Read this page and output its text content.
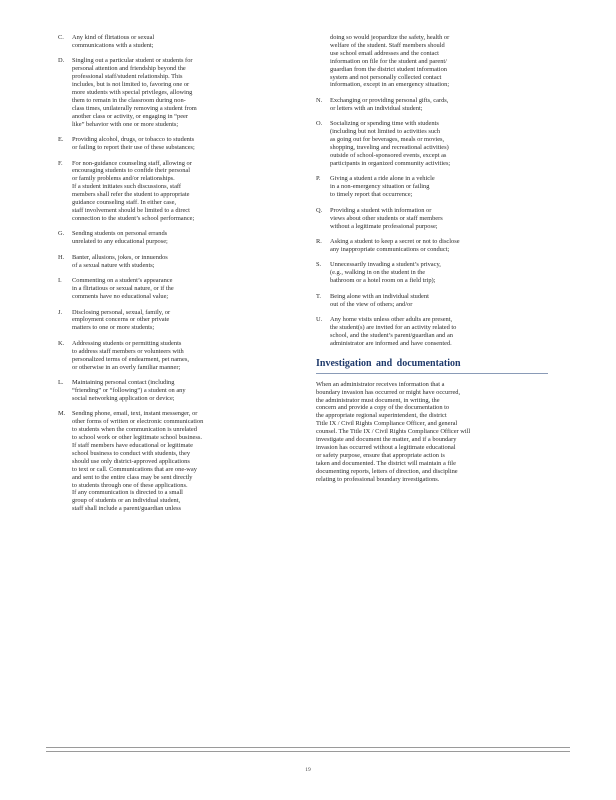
C.	Any kind of flirtatious or sexual
communications with a student;
D.	Singling out a particular student or students for
personal attention and friendship beyond the
professional staff/student relationship. This
includes, but is not limited to, favoring one or
more students with special privileges, allowing
them to remain in the classroom during non-
class times, unilaterally removing a student from
another class or activity, or engaging in “peer
like” behavior with one or more students;
E.	Providing alcohol, drugs, or tobacco to students
or failing to report their use of these substances;
F.	For non-guidance counseling staff, allowing or
encouraging students to confide their personal
or family problems and/or relationships.
If a student initiates such discussions, staff
members shall refer the student to appropriate
guidance counseling staff. In either case,
staff involvement should be limited to a direct
connection to the student’s school performance;
G.	Sending students on personal errands
unrelated to any educational purpose;
H.	Banter, allusions, jokes, or innuendos
of a sexual nature with students;
I.	Commenting on a student’s appearance
in a flirtatious or sexual nature, or if the
comments have no educational value;
J.	Disclosing personal, sexual, family, or
employment concerns or other private
matters to one or more students;
K.	Addressing students or permitting students
to address staff members or volunteers with
personalized terms of endearment, pet names,
or otherwise in an overly familiar manner;
L.	Maintaining personal contact (including
“friending” or “following”) a student on any
social networking application or device;
M.	Sending phone, email, text, instant messenger, or
other forms of written or electronic communication
to students when the communication is unrelated
to school work or other legitimate school business.
If staff members have educational or legitimate
school business to conduct with students, they
should use only district-approved applications
to text or call. Communications that are one-way
and sent to the entire class may be sent directly
to students through one of these applications.
If any communication is directed to a small
group of students or an individual student,
staff shall include a parent/guardian unless
doing so would jeopardize the safety, health or
welfare of the student. Staff members should
use school email addresses and the contact
information on file for the student and parent/
guardian from the district student information
system and not personally collected contact
information, except in an emergency situation;
N.	Exchanging or providing personal gifts, cards,
or letters with an individual student;
O.	Socializing or spending time with students
(including but not limited to activities such
as going out for beverages, meals or movies,
shopping, traveling and recreational activities)
outside of school-sponsored events, except as
participants in organized community activities;
P.	Giving a student a ride alone in a vehicle
in a non-emergency situation or failing
to timely report that occurrence;
Q.	Providing a student with information or
views about other students or staff members
without a legitimate professional purpose;
R.	Asking a student to keep a secret or not to disclose
any inappropriate communications or conduct;
S.	Unnecessarily invading a student’s privacy,
(e.g., walking in on the student in the
bathroom or a hotel room on a field trip);
T.	Being alone with an individual student
out of the view of others; and/or
U.	Any home visits unless other adults are present,
the student(s) are invited for an activity related to
school, and the student’s parent/guardian and an
administrator are informed and have consented.
Investigation and documentation
When an administrator receives information that a
boundary invasion has occurred or might have occurred,
the administrator must document, in writing, the
concern and provide a copy of the documentation to
the appropriate regional superintendent, the district
Title IX / Civil Rights Compliance Officer, and general
counsel. The Title IX / Civil Rights Compliance Officer will
investigate and document the matter, and if a boundary
invasion has occurred without a legitimate educational
or safety purpose, ensure that appropriate action is
taken and documented. The district will maintain a file
documenting reports, letters of direction, and discipline
relating to professional boundary investigations.
19
